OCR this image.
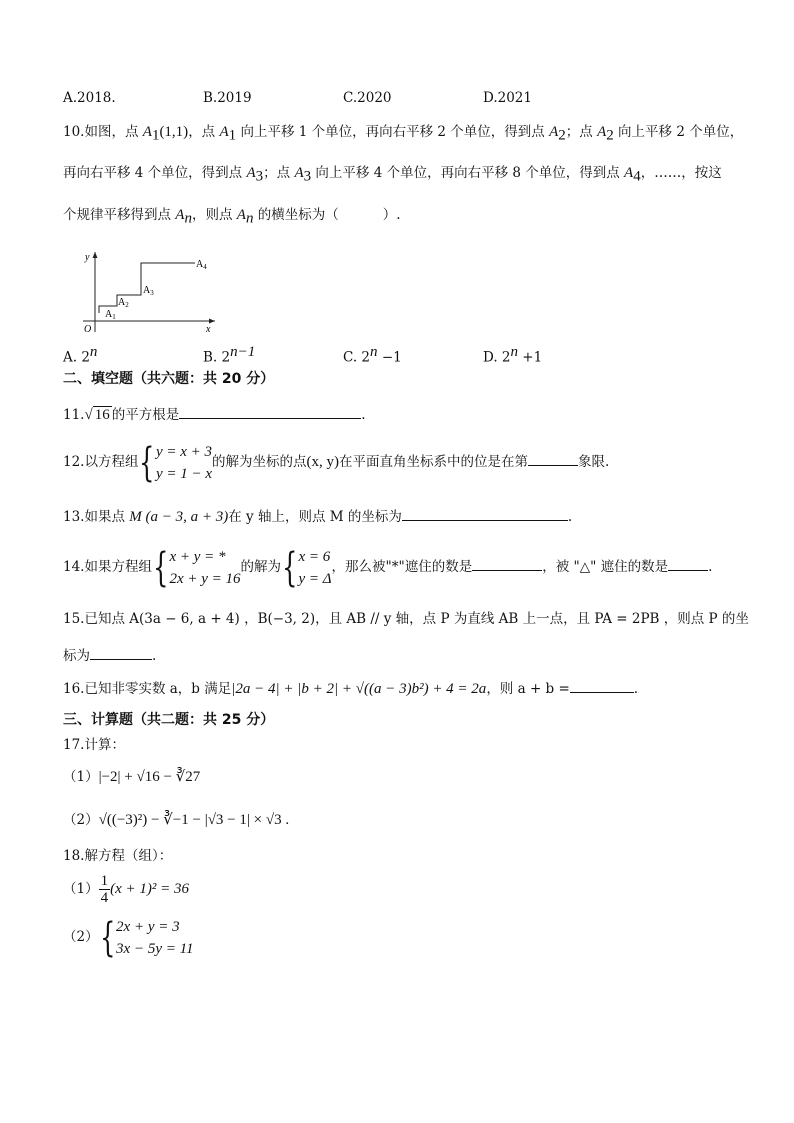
A.2018.	B.2019	C.2020	D.2021
10.如图，点 $A_1(1,1)$，点 $A_1$ 向上平移 1 个单位，再向右平移 2 个单位，得到点 $A_2$；点 $A_2$ 向上平移 2 个单位，
再向右平移 4 个单位，得到点 $A_3$；点 $A_3$ 向上平移 4 个单位，再向右平移 8 个单位，得到点 $A_4$，……，按这
个规律平移得到点 $A_n$，则点 $A_n$ 的横坐标为（	）.
y
x
O
$A_1$
$A_2$
$A_3$
$A_4$
A. 2$^n$	B. $2^{n-1}$	C. $2^n -1$	D. $2^n +1$
二、填空题（共六题：共 20 分）
11.√ 16 的平方根是	.
12.以方程组{ y = x + 3
y = 1 − x
的解为坐标的点(x, y)在平面直角坐标系中的位是在第	象限.
13.如果点 M (a − 3, a + 3)在 y 轴上，则点 M 的坐标为	.
14.如果方程组{ x + y = *
2x + y = 16
的解为{ x = 6
y = Δ
，那么被"*"遮住的数是	，被 "△" 遮住的数是	.
15.已知点 A(3a − 6, a + 4) ，B(−3, 2)，且 AB // y 轴，点 P 为直线 AB 上一点，且 PA = 2PB ，则点 P 的坐
标为	.
16.已知非零实数 a，b 满足|2a − 4| + |b + 2| + √((a − 3)b²) + 4 = 2a，则 a + b =	.
三、计算题（共二题：共 25 分）
17.计算：
（1）|−2| + √16 − ∛27
（2）√((−3)²) − ∛−1 − |√3 − 1| × √3 .
18.解方程（组）：
$(1) \frac{1}{4} (x + 1)^2 = 36$
（2）{ 2x + y = 3
3x − 5y = 11
